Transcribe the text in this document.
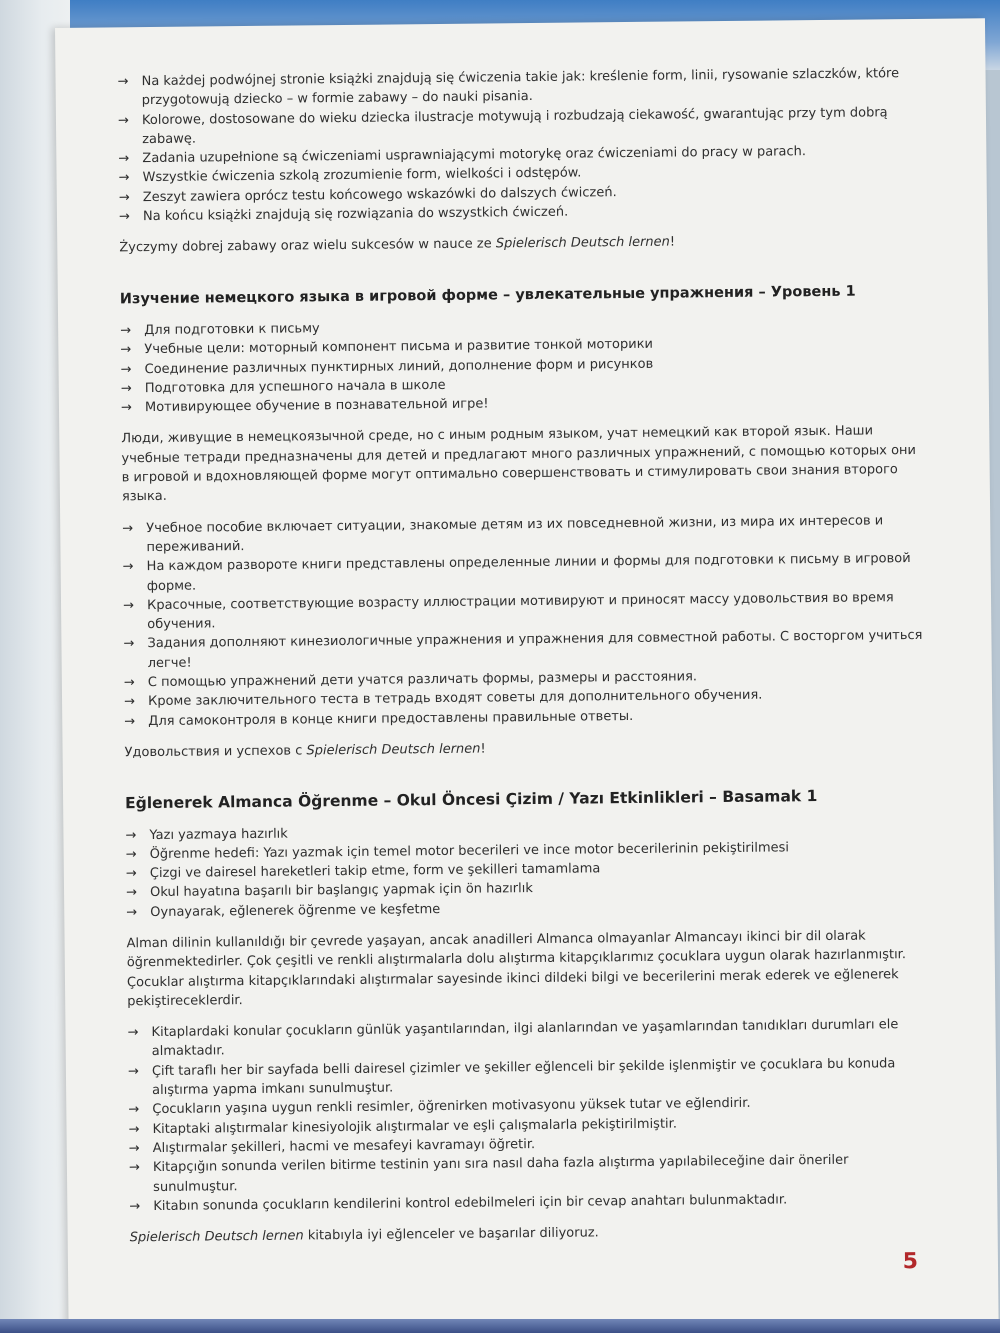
→ Na każdej podwójnej stronie książki znajdują się ćwiczenia takie jak: kreślenie form, linii, rysowanie szlaczków, które przygotowują dziecko – w formie zabawy – do nauki pisania.
→ Kolorowe, dostosowane do wieku dziecka ilustracje motywują i rozbudzają ciekawość, gwarantując przy tym dobrą zabawę.
→ Zadania uzupełnione są ćwiczeniami usprawniającymi motorykę oraz ćwiczeniami do pracy w parach.
→ Wszystkie ćwiczenia szkolą zrozumienie form, wielkości i odstępów.
→ Zeszyt zawiera oprócz testu końcowego wskazówki do dalszych ćwiczeń.
→ Na końcu książki znajdują się rozwiązania do wszystkich ćwiczeń.

Życzymy dobrej zabawy oraz wielu sukcesów w nauce ze Spielerisch Deutsch lernen!

Изучение немецкого языка в игровой форме – увлекательные упражнения – Уровень 1
→ Для подготовки к письму
→ Учебные цели: моторный компонент письма и развитие тонкой моторики
→ Соединение различных пунктирных линий, дополнение форм и рисунков
→ Подготовка для успешного начала в школе
→ Мотивирующее обучение в познавательной игре!

Люди, живущие в немецкоязычной среде, но с иным родным языком, учат немецкий как второй язык. Наши учебные тетради предназначены для детей и предлагают много различных упражнений, с помощью которых они в игровой и вдохновляющей форме могут оптимально совершенствовать и стимулировать свои знания второго языка.

→ Учебное пособие включает ситуации, знакомые детям из их повседневной жизни, из мира их интересов и переживаний.
→ На каждом развороте книги представлены определенные линии и формы для подготовки к письму в игровой форме.
→ Красочные, соответствующие возрасту иллюстрации мотивируют и приносят массу удовольствия во время обучения.
→ Задания дополняют кинезиологичные упражнения и упражнения для совместной работы. С восторгом учиться легче!
→ С помощью упражнений дети учатся различать формы, размеры и расстояния.
→ Кроме заключительного теста в тетрадь входят советы для дополнительного обучения.
→ Для самоконтроля в конце книги предоставлены правильные ответы.

Удовольствия и успехов с Spielerisch Deutsch lernen!

Eğlenerek Almanca Öğrenme – Okul Öncesi Çizim / Yazı Etkinlikleri – Basamak 1
→ Yazı yazmaya hazırlık
→ Öğrenme hedefi: Yazı yazmak için temel motor becerileri ve ince motor becerilerinin pekiştirilmesi
→ Çizgi ve dairesel hareketleri takip etme, form ve şekilleri tamamlama
→ Okul hayatına başarılı bir başlangıç yapmak için ön hazırlık
→ Oynayarak, eğlenerek öğrenme ve keşfetme

Alman dilinin kullanıldığı bir çevrede yaşayan, ancak anadilleri Almanca olmayanlar Almancayı ikinci bir dil olarak öğrenmektedirler. Çok çeşitli ve renkli alıştırmalarla dolu alıştırma kitapçıklarımız çocuklara uygun olarak hazırlanmıştır. Çocuklar alıştırma kitapçıklarındaki alıştırmalar sayesinde ikinci dildeki bilgi ve becerilerini merak ederek ve eğlenerek pekiştireceklerdir.

→ Kitaplardaki konular çocukların günlük yaşantılarından, ilgi alanlarından ve yaşamlarından tanıdıkları durumları ele almaktadır.
→ Çift taraflı her bir sayfada belli dairesel çizimler ve şekiller eğlenceli bir şekilde işlenmiştir ve çocuklara bu konuda alıştırma yapma imkanı sunulmuştur.
→ Çocukların yaşına uygun renkli resimler, öğrenirken motivasyonu yüksek tutar ve eğlendirir.
→ Kitaptaki alıştırmalar kinesiyolojik alıştırmalar ve eşli çalışmalarla pekiştirilmiştir.
→ Alıştırmalar şekilleri, hacmi ve mesafeyi kavramayı öğretir.
→ Kitapçığın sonunda verilen bitirme testinin yanı sıra nasıl daha fazla alıştırma yapılabileceğine dair öneriler sunulmuştur.
→ Kitabın sonunda çocukların kendilerini kontrol edebilmeleri için bir cevap anahtarı bulunmaktadır.

Spielerisch Deutsch lernen kitabıyla iyi eğlenceler ve başarılar diliyoruz.

5
